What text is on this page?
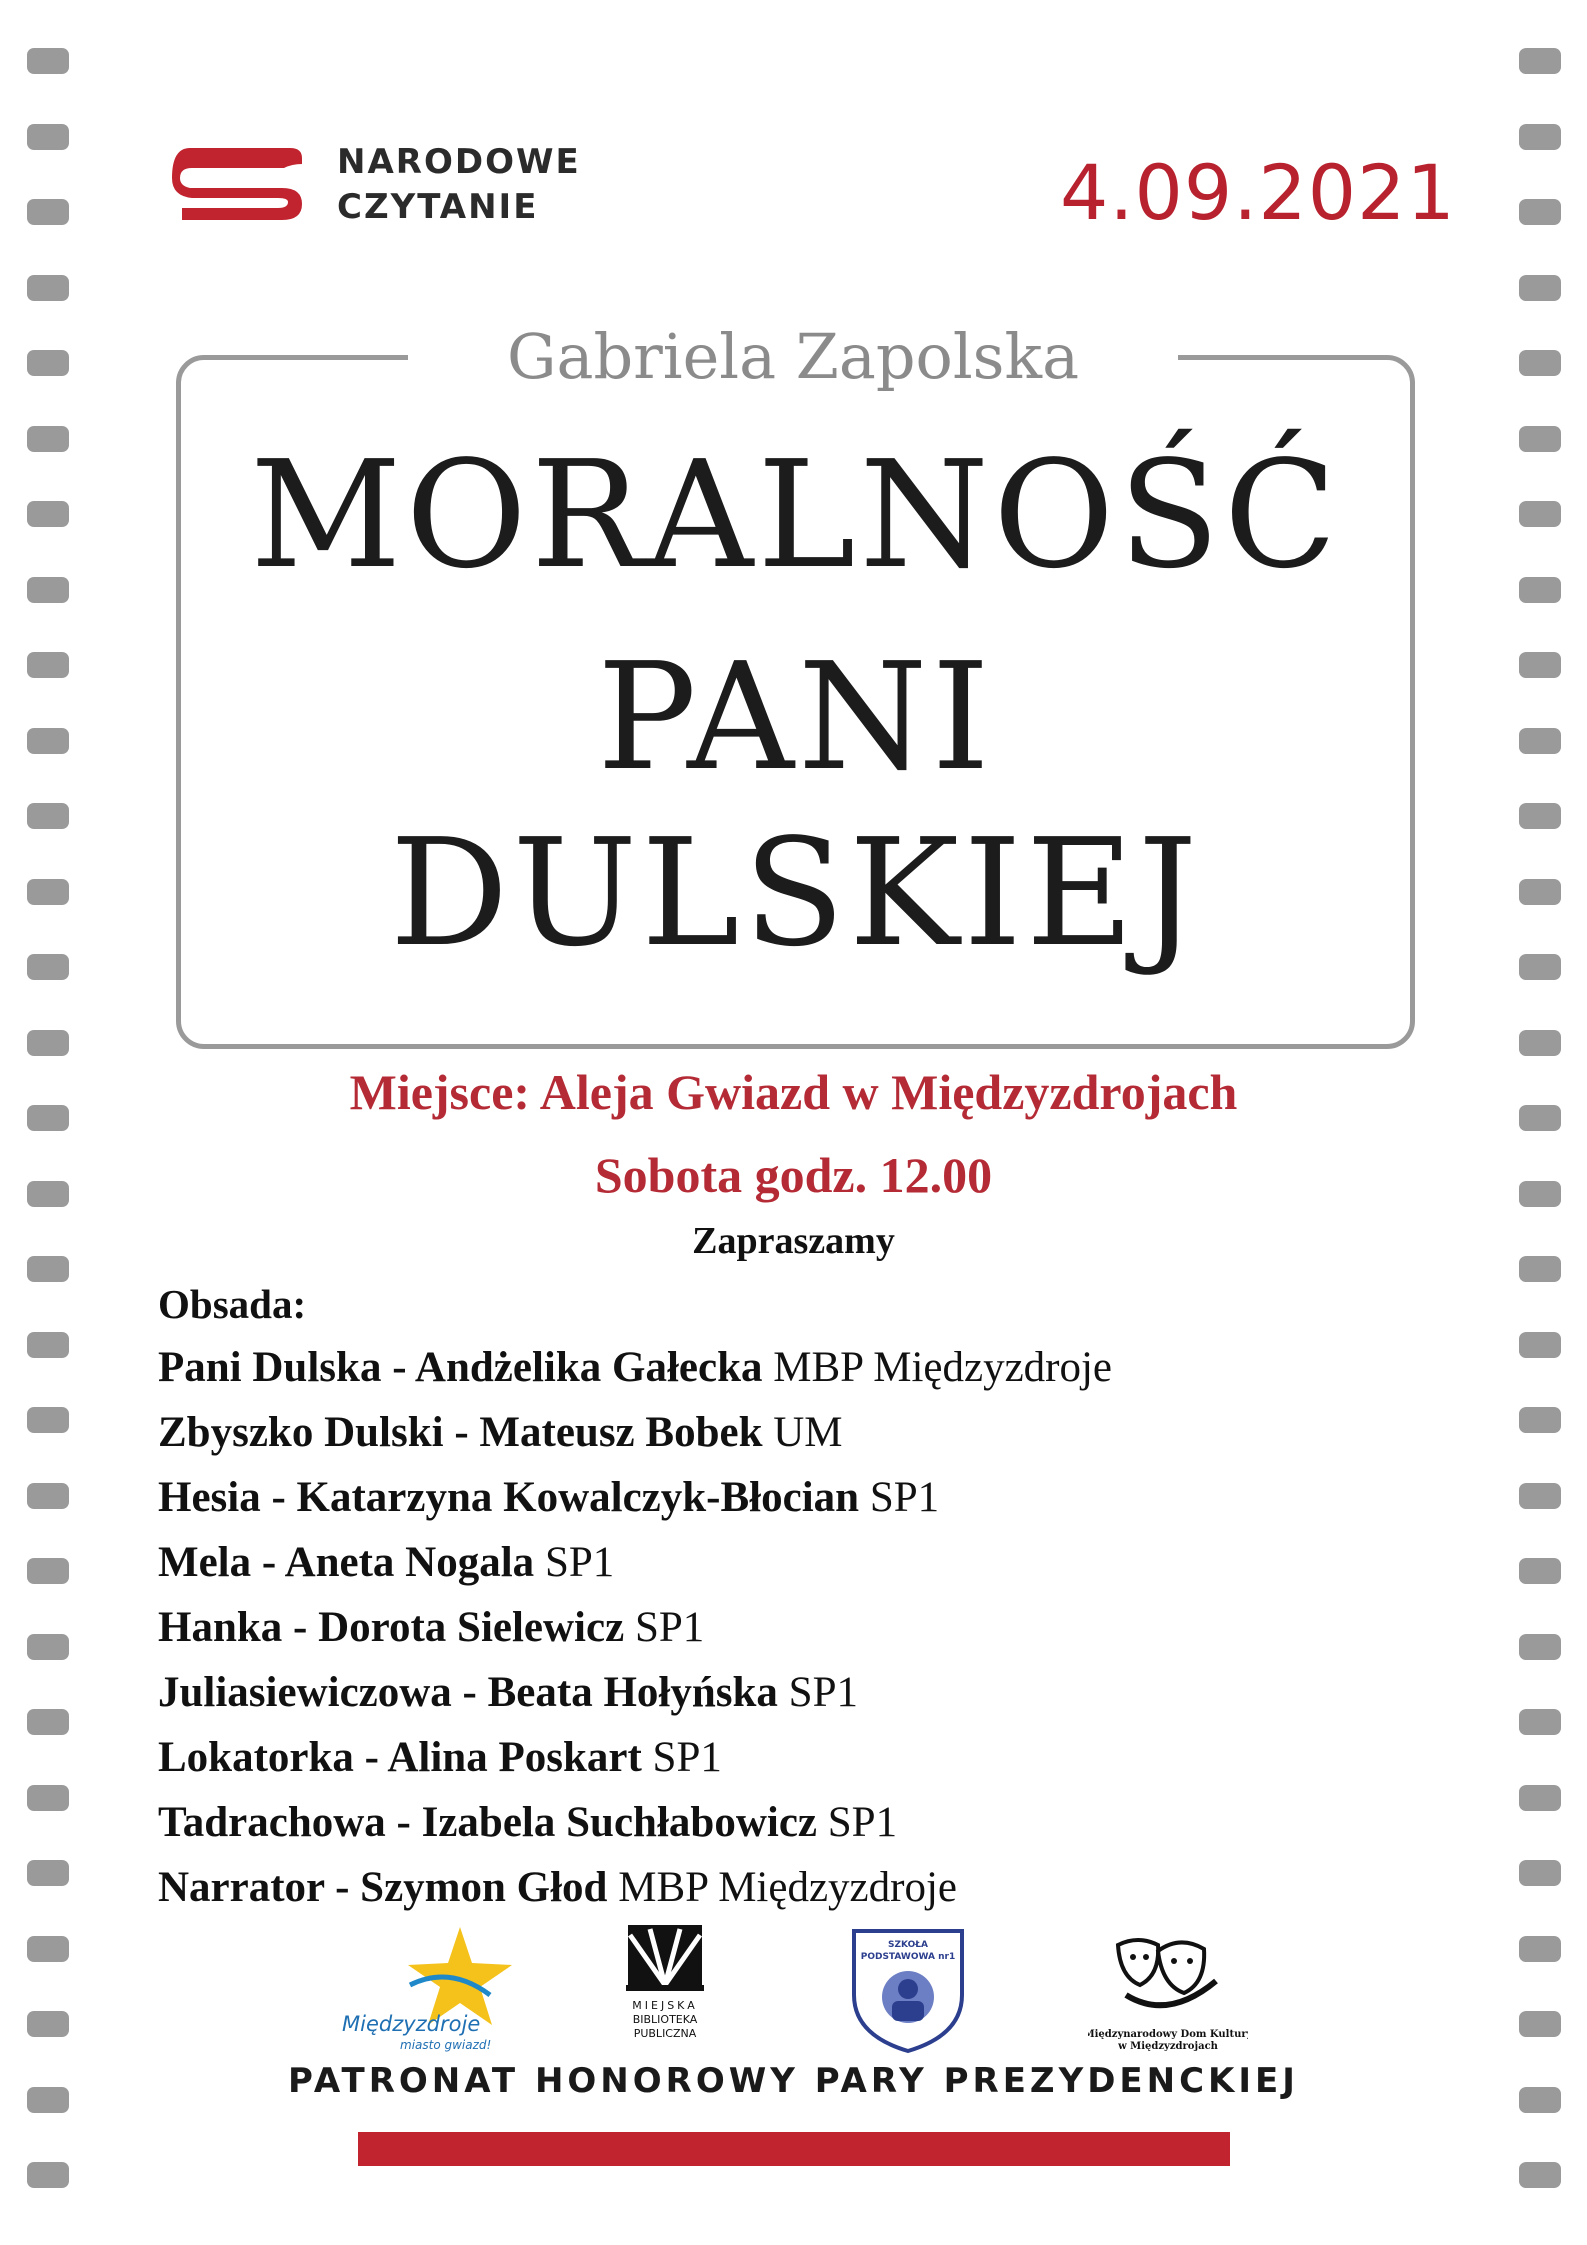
NARODOWE
CZYTANIE	4.09.2021
Gabriela Zapolska
MORALNOŚĆ
PANI
DULSKIEJ
Miejsce: Aleja Gwiazd w Międzyzdrojach
Sobota godz. 12.00
Zapraszamy
Obsada:
Pani Dulska - Andżelika Gałecka MBP Międzyzdroje
Zbyszko Dulski - Mateusz Bobek UM
Hesia - Katarzyna Kowalczyk-Błocian SP1
Mela - Aneta Nogala SP1
Hanka - Dorota Sielewicz SP1
Juliasiewiczowa - Beata Hołyńska SP1
Lokatorka - Alina Poskart SP1
Tadrachowa - Izabela Suchłabowicz SP1
Narrator - Szymon Głod MBP Międzyzdroje
Międzyzdroje
miasto gwiazd!
MIEJSKA
BIBLIOTEKA
PUBLICZNA
SZKOŁA
PODSTAWOWA nr1
Międzynarodowy Dom Kultury
w Międzyzdrojach
PATRONAT HONOROWY PARY PREZYDENCKIEJ
